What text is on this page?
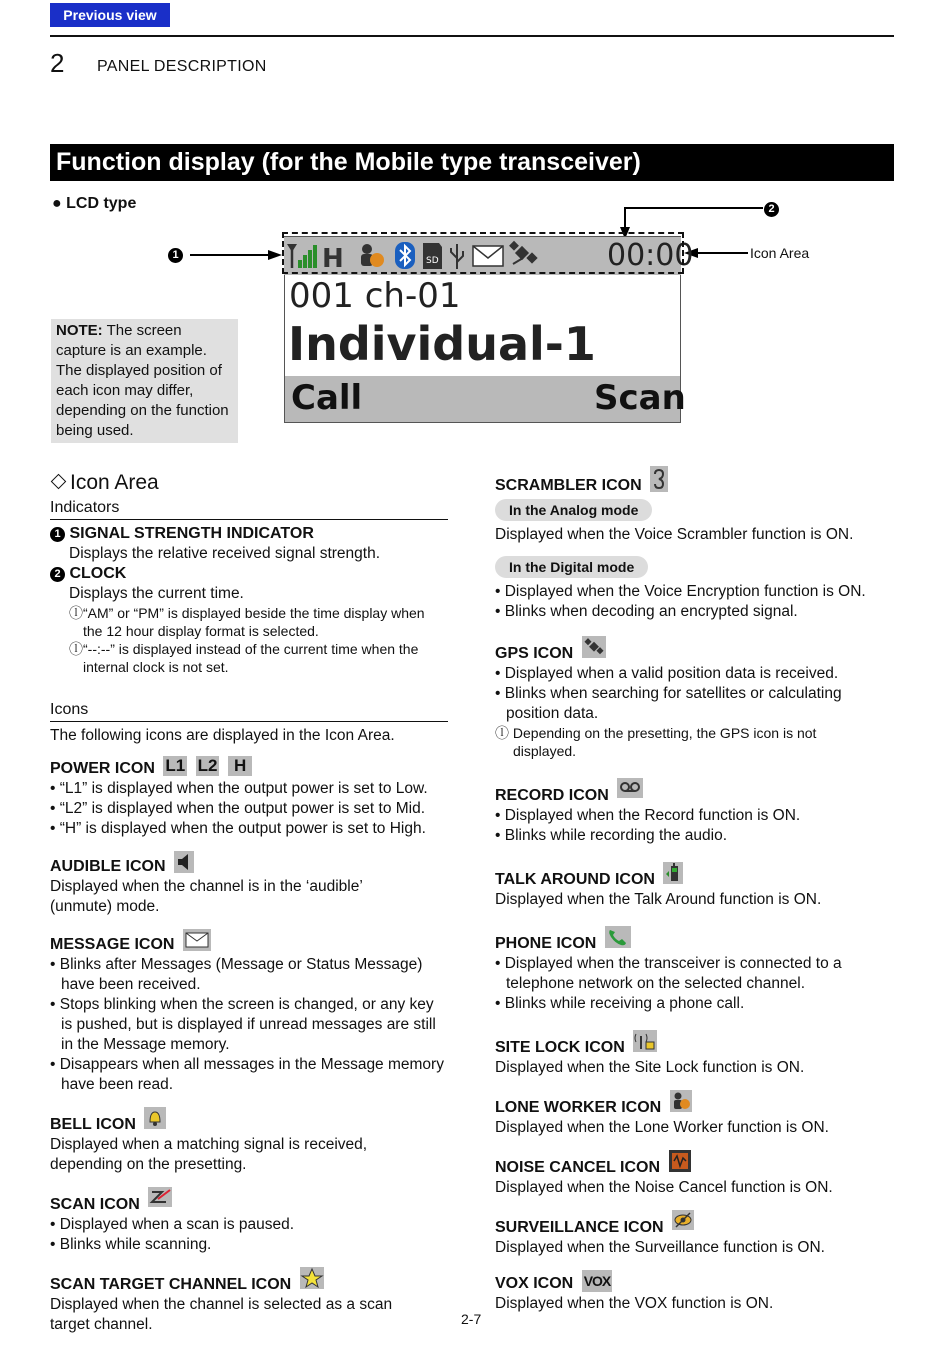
Previous view
2 PANEL DESCRIPTION
Function display (for the Mobile type transceiver)
● LCD type
1
2
Icon Area
NOTE: The screen capture is an example. The displayed position of each icon may differ, depending on the function being used.
H	SD	00:00
001 ch-01
Individual-1
Call	Scan
Icon Area
Indicators
1 SIGNAL STRENGTH INDICATOR
Displays the relative received signal strength.
2 CLOCK
Displays the current time.
ⓛ“AM” or “PM” is displayed beside the time display when
the 12 hour display format is selected.
ⓛ“--:--” is displayed instead of the current time when the
internal clock is not set.
Icons
The following icons are displayed in the Icon Area.
POWER ICON L1 L2 H
• “L1” is displayed when the output power is set to Low.
• “L2” is displayed when the output power is set to Mid.
• “H” is displayed when the output power is set to High.
AUDIBLE ICON
Displayed when the channel is in the ‘audible’
(unmute) mode.
MESSAGE ICON
• Blinks after Messages (Message or Status Message) have been received.
• Stops blinking when the screen is changed, or any key is pushed, but is displayed if unread messages are still in the Message memory.
• Disappears when all messages in the Message memory have been read.
BELL ICON
Displayed when a matching signal is received,
depending on the presetting.
SCAN ICON
• Displayed when a scan is paused.
• Blinks while scanning.
SCAN TARGET CHANNEL ICON
Displayed when the channel is selected as a scan
target channel.
SCRAMBLER ICON
In the Analog mode
Displayed when the Voice Scrambler function is ON.
In the Digital mode
• Displayed when the Voice Encryption function is ON.
• Blinks when decoding an encrypted signal.
GPS ICON
• Displayed when a valid position data is received.
• Blinks when searching for satellites or calculating position data.
ⓛ Depending on the presetting, the GPS icon is not
displayed.
RECORD ICON
• Displayed when the Record function is ON.
• Blinks while recording the audio.
TALK AROUND ICON
Displayed when the Talk Around function is ON.
PHONE ICON
• Displayed when the transceiver is connected to a telephone network on the selected channel.
• Blinks while receiving a phone call.
SITE LOCK ICON
Displayed when the Site Lock function is ON.
LONE WORKER ICON
Displayed when the Lone Worker function is ON.
NOISE CANCEL ICON
Displayed when the Noise Cancel function is ON.
SURVEILLANCE ICON
Displayed when the Surveillance function is ON.
VOX ICON VOX
Displayed when the VOX function is ON.
2-7
